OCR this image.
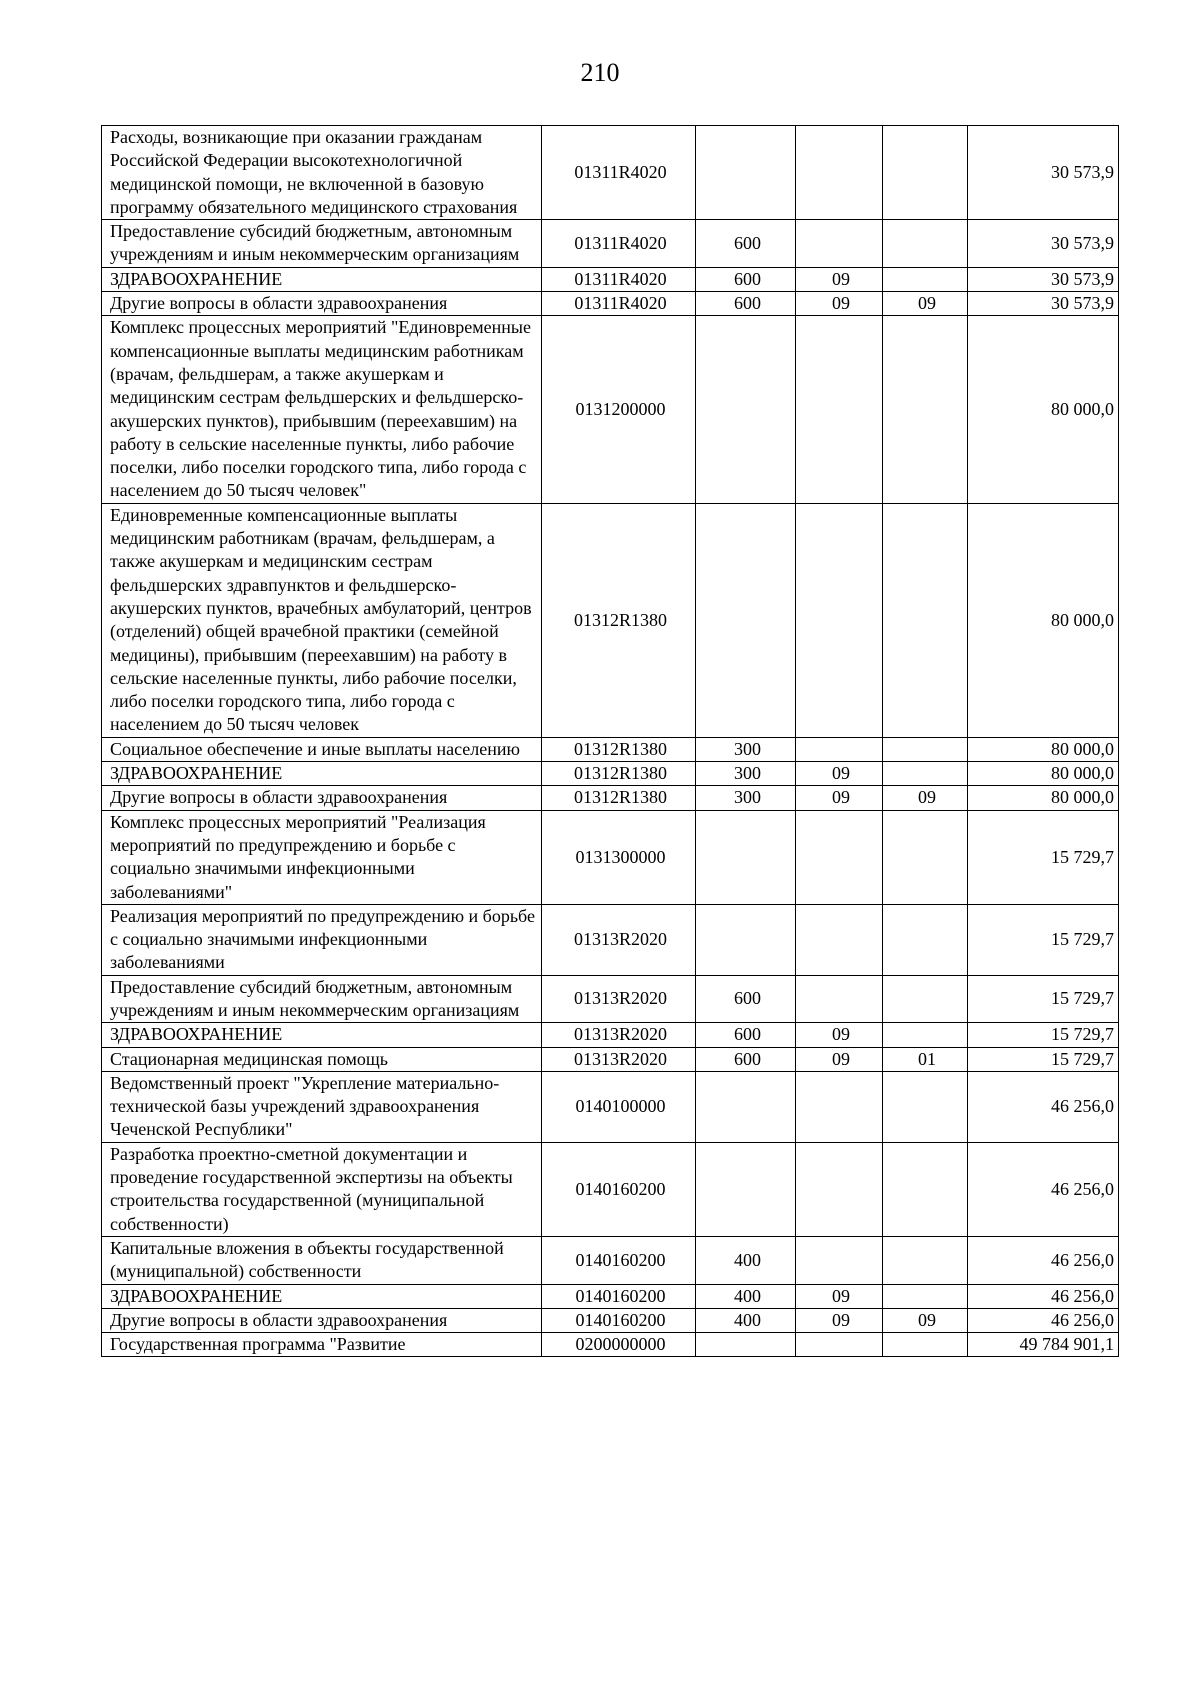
210
Расходы, возникающие при оказании гражданам Российской Федерации высокотехнологичной медицинской помощи, не включенной в базовую программу обязательного медицинского страхования	01311R4020				30 573,9
Предоставление субсидий бюджетным, автономным учреждениям и иным некоммерческим организациям	01311R4020	600			30 573,9
ЗДРАВООХРАНЕНИЕ	01311R4020	600	09		30 573,9
Другие вопросы в области здравоохранения	01311R4020	600	09	09	30 573,9
Комплекс процессных мероприятий "Единовременные компенсационные выплаты медицинским работникам (врачам, фельдшерам, а также акушеркам и медицинским сестрам фельдшерских и фельдшерско-акушерских пунктов), прибывшим (переехавшим) на работу в сельские населенные пункты, либо рабочие поселки, либо поселки городского типа, либо города с населением до 50 тысяч человек"	0131200000				80 000,0
Единовременные компенсационные выплаты медицинским работникам (врачам, фельдшерам, а также акушеркам и медицинским сестрам фельдшерских здравпунктов и фельдшерско-акушерских пунктов, врачебных амбулаторий, центров (отделений) общей врачебной практики (семейной медицины), прибывшим (переехавшим) на работу в сельские населенные пункты, либо рабочие поселки, либо поселки городского типа, либо города с населением до 50 тысяч человек	01312R1380				80 000,0
Социальное обеспечение и иные выплаты населению	01312R1380	300			80 000,0
ЗДРАВООХРАНЕНИЕ	01312R1380	300	09		80 000,0
Другие вопросы в области здравоохранения	01312R1380	300	09	09	80 000,0
Комплекс процессных мероприятий "Реализация мероприятий по предупреждению и борьбе с социально значимыми инфекционными заболеваниями"	0131300000				15 729,7
Реализация мероприятий по предупреждению и борьбе с социально значимыми инфекционными заболеваниями	01313R2020				15 729,7
Предоставление субсидий бюджетным, автономным учреждениям и иным некоммерческим организациям	01313R2020	600			15 729,7
ЗДРАВООХРАНЕНИЕ	01313R2020	600	09		15 729,7
Стационарная медицинская помощь	01313R2020	600	09	01	15 729,7
Ведомственный проект "Укрепление материально-технической базы учреждений здравоохранения Чеченской Республики"	0140100000				46 256,0
Разработка проектно-сметной документации и проведение государственной экспертизы на объекты строительства государственной (муниципальной собственности)	0140160200				46 256,0
Капитальные вложения в объекты государственной (муниципальной) собственности	0140160200	400			46 256,0
ЗДРАВООХРАНЕНИЕ	0140160200	400	09		46 256,0
Другие вопросы в области здравоохранения	0140160200	400	09	09	46 256,0
Государственная программа "Развитие	0200000000				49 784 901,1
